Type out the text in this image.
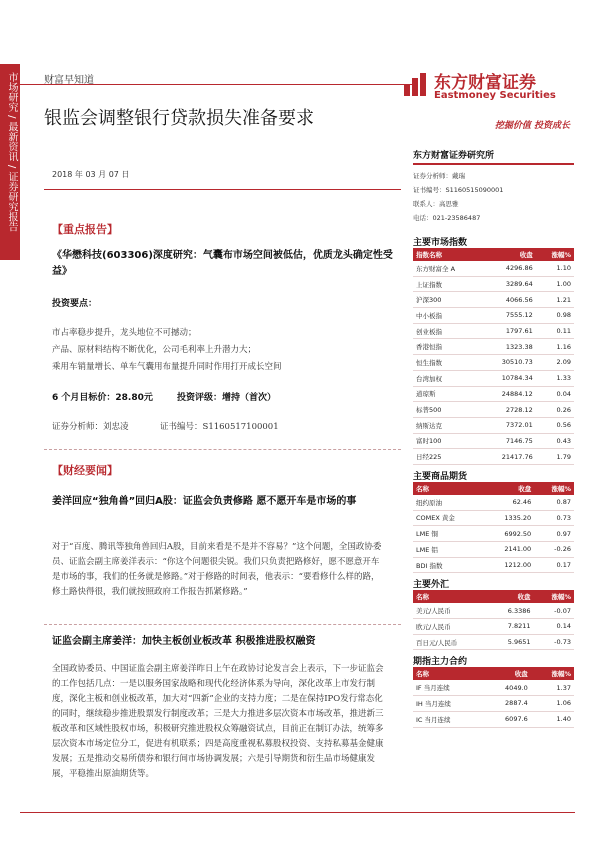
市场研究 / 最新资讯 / 证券研究报告	财富早知道
银监会调整银行贷款损失准备要求
东方财富证券
Eastmoney Securities
挖掘价值 投资成长
2018 年 03 月 07 日
【重点报告】
《华懋科技(603306)深度研究：气囊布市场空间被低估，优质龙头确定性受益》
投资要点：
市占率稳步提升，龙头地位不可撼动；
产品、原材料结构不断优化，公司毛利率上升潜力大；
乘用车销量增长、单车气囊用布量提升同时作用打开成长空间
6 个月目标价：28.80元	投资评级：增持（首次）
证券分析师：刘忠凌	证书编号：S1160517100001
【财经要闻】
姜洋回应“独角兽”回归A股：证监会负责修路 愿不愿开车是市场的事
对于“百度、腾讯等独角兽回归A股，目前来看是不是并不容易？”这个问题，全国政协委员、证监会副主席姜洋表示：“你这个问题很尖锐。我们只负责把路修好，愿不愿意开车是市场的事，我们的任务就是修路。”对于修路的时间表，他表示：“要看修什么样的路，修土路快得很，我们就按照政府工作报告抓紧修路。”
证监会副主席姜洋：加快主板创业板改革 积极推进股权融资
全国政协委员、中国证监会副主席姜洋昨日上午在政协讨论发言会上表示，下一步证监会的工作包括几点：一是以服务国家战略和现代化经济体系为导向，深化改革上市发行制度，深化主板和创业板改革，加大对“四新”企业的支持力度；二是在保持IPO发行常态化的同时，继续稳步推进股票发行制度改革；三是大力推进多层次资本市场改革，推进新三板改革和区域性股权市场，积极研究推进股权众筹融资试点，目前正在制订办法，统筹多层次资本市场定位分工，促进有机联系；四是高度重视私募股权投资、支持私募基金健康发展；五是推动交易所债券和银行间市场协调发展；六是引导期货和衍生品市场健康发展，平稳推出原油期货等。
东方财富证券研究所
证券分析师：戴瑞
证书编号：S1160515090001
联系人：高思雅
电话：021-23586487
主要市场指数
指数名称	收盘	涨幅%
东方财富全 A	4296.86	1.10
上证指数	3289.64	1.00
沪深300	4066.56	1.21
中小板指	7555.12	0.98
创业板指	1797.61	0.11
香港恒指	1323.38	1.16
恒生指数	30510.73	2.09
台湾加权	10784.34	1.33
道琼斯	24884.12	0.04
标普500	2728.12	0.26
纳斯达克	7372.01	0.56
富时100	7146.75	0.43
日经225	21417.76	1.79
主要商品期货
名称	收盘	涨幅%
纽约原油	62.46	0.87
COMEX 黄金	1335.20	0.73
LME 铜	6992.50	0.97
LME 铝	2141.00	-0.26
BDI 指数	1212.00	0.17
主要外汇
名称	收盘	涨幅%
美元/人民币	6.3386	-0.07
欧元/人民币	7.8211	0.14
百日元/人民币	5.9651	-0.73
期指主力合约
名称	收盘	涨幅%
IF 当月连续	4049.0	1.37
IH 当月连续	2887.4	1.06
IC 当月连续	6097.6	1.40
